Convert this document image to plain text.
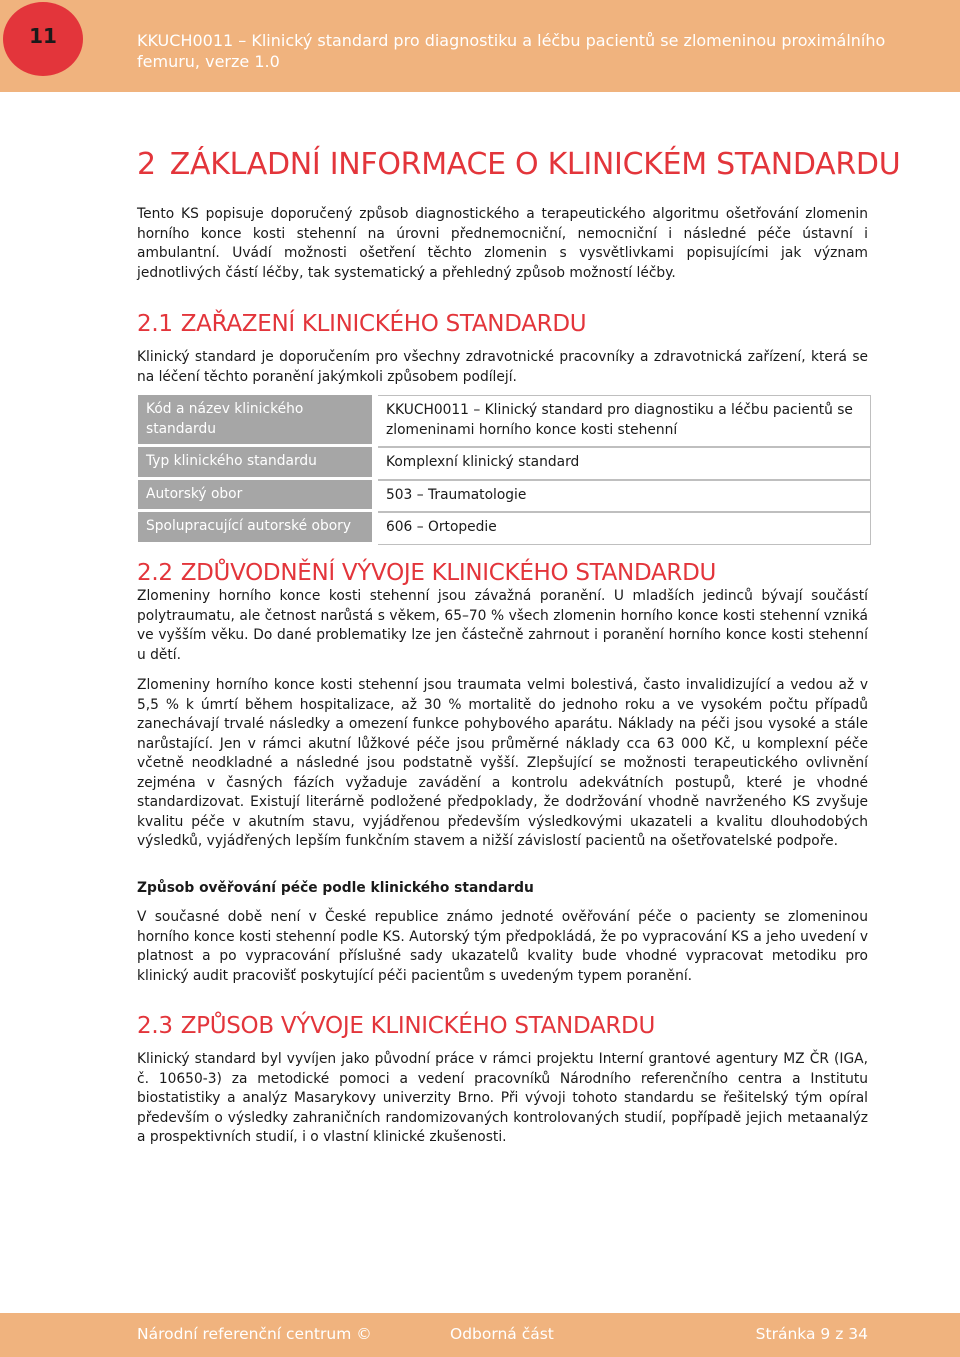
11	KKUCH0011 – Klinický standard pro diagnostiku a léčbu pacientů se zlomeninou proximálního femuru, verze 1.0
2 ZÁKLADNÍ INFORMACE O KLINICKÉM STANDARDU

Tento KS popisuje doporučený způsob diagnostického a terapeutického algoritmu ošetřování zlomenin horního konce kosti stehenní na úrovni přednemocniční, nemocniční i následné péče ústavní i ambulantní. Uvádí možnosti ošetření těchto zlomenin s vysvětlivkami popisujícími jak význam jednotlivých částí léčby, tak systematický a přehledný způsob možností léčby.

2.1 ZAŘAZENÍ KLINICKÉHO STANDARDU

Klinický standard je doporučením pro všechny zdravotnické pracovníky a zdravotnická zařízení, která se na léčení těchto poranění jakýmkoli způsobem podílejí.

Kód a název klinického standardu		KKUCH0011 – Klinický standard pro diagnostiku a léčbu pacientů se zlomeninami horního konce kosti stehenní
Typ klinického standardu		Komplexní klinický standard
Autorský obor		503 – Traumatologie
Spolupracující autorské obory		606 – Ortopedie
2.2 ZDŮVODNĚNÍ VÝVOJE KLINICKÉHO STANDARDU

Zlomeniny horního konce kosti stehenní jsou závažná poranění. U mladších jedinců bývají součástí polytraumatu, ale četnost narůstá s věkem, 65–70 % všech zlomenin horního konce kosti stehenní vzniká ve vyšším věku. Do dané problematiky lze jen částečně zahrnout i poranění horního konce kosti stehenní u dětí.

Zlomeniny horního konce kosti stehenní jsou traumata velmi bolestivá, často invalidizující a vedou až v 5,5 % k úmrtí během hospitalizace, až 30 % mortalitě do jednoho roku a ve vysokém počtu případů zanechávají trvalé následky a omezení funkce pohybového aparátu. Náklady na péči jsou vysoké a stále narůstající. Jen v rámci akutní lůžkové péče jsou průměrné náklady cca 63 000 Kč, u komplexní péče včetně neodkladné a následné jsou podstatně vyšší. Zlepšující se možnosti terapeutického ovlivnění zejména v časných fázích vyžaduje zavádění a kontrolu adekvátních postupů, které je vhodné standardizovat. Existují literárně podložené předpoklady, že dodržování vhodně navrženého KS zvyšuje kvalitu péče v akutním stavu, vyjádřenou především výsledkovými ukazateli a kvalitu dlouhodobých výsledků, vyjádřených lepším funkčním stavem a nižší závislostí pacientů na ošetřovatelské podpoře.

Způsob ověřování péče podle klinického standardu

V současné době není v České republice známo jednoté ověřování péče o pacienty se zlomeninou horního konce kosti stehenní podle KS. Autorský tým předpokládá, že po vypracování KS a jeho uvedení v platnost a po vypracování příslušné sady ukazatelů kvality bude vhodné vypracovat metodiku pro klinický audit pracovišť poskytující péči pacientům s uvedeným typem poranění.

2.3 ZPŮSOB VÝVOJE KLINICKÉHO STANDARDU

Klinický standard byl vyvíjen jako původní práce v rámci projektu Interní grantové agentury MZ ČR (IGA, č. 10650-3) za metodické pomoci a vedení pracovníků Národního referenčního centra a Institutu biostatistiky a analýz Masarykovy univerzity Brno. Při vývoji tohoto standardu se řešitelský tým opíral především o výsledky zahraničních randomizovaných kontrolovaných studií, popřípadě jejich metaanalýz a prospektivních studií, i o vlastní klinické zkušenosti.

Národní referenční centrum ©	Odborná část	Stránka 9 z 34
